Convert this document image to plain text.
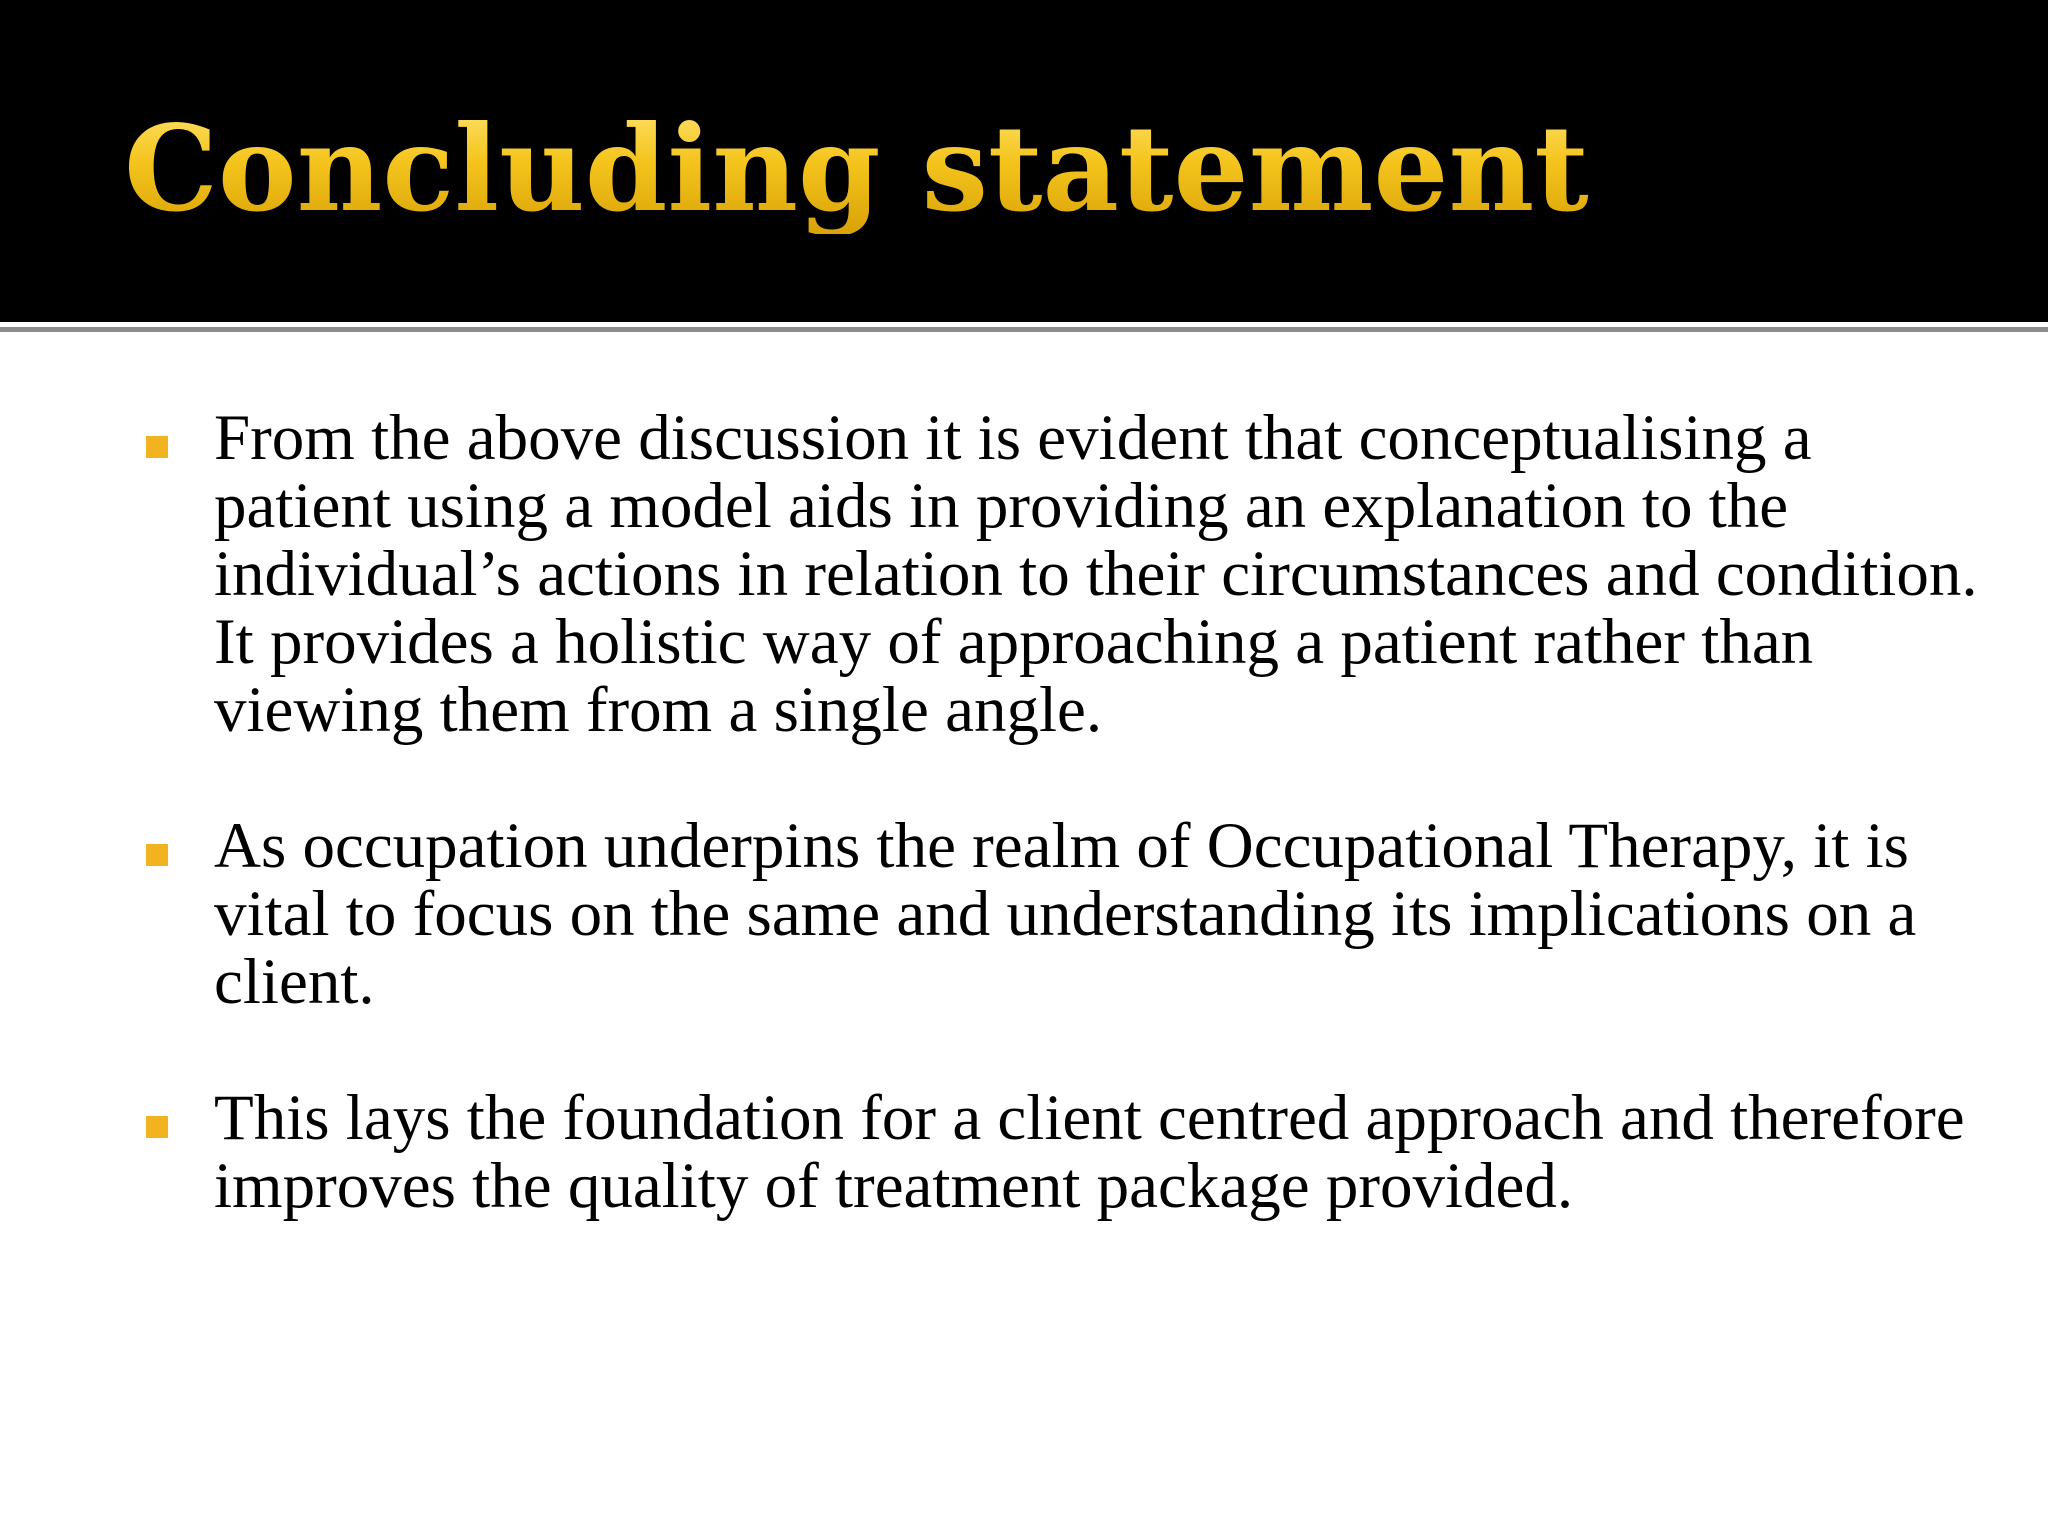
Concluding statement
From the above discussion it is evident that conceptualising a patient using a model aids in providing an explanation to the individual’s actions in relation to their circumstances and condition. It provides a holistic way of approaching a patient rather than viewing them from a single angle.
As occupation underpins the realm of Occupational Therapy, it is vital to focus on the same and understanding its implications on a client.
This lays the foundation for a client centred approach and therefore improves the quality of treatment package provided.
